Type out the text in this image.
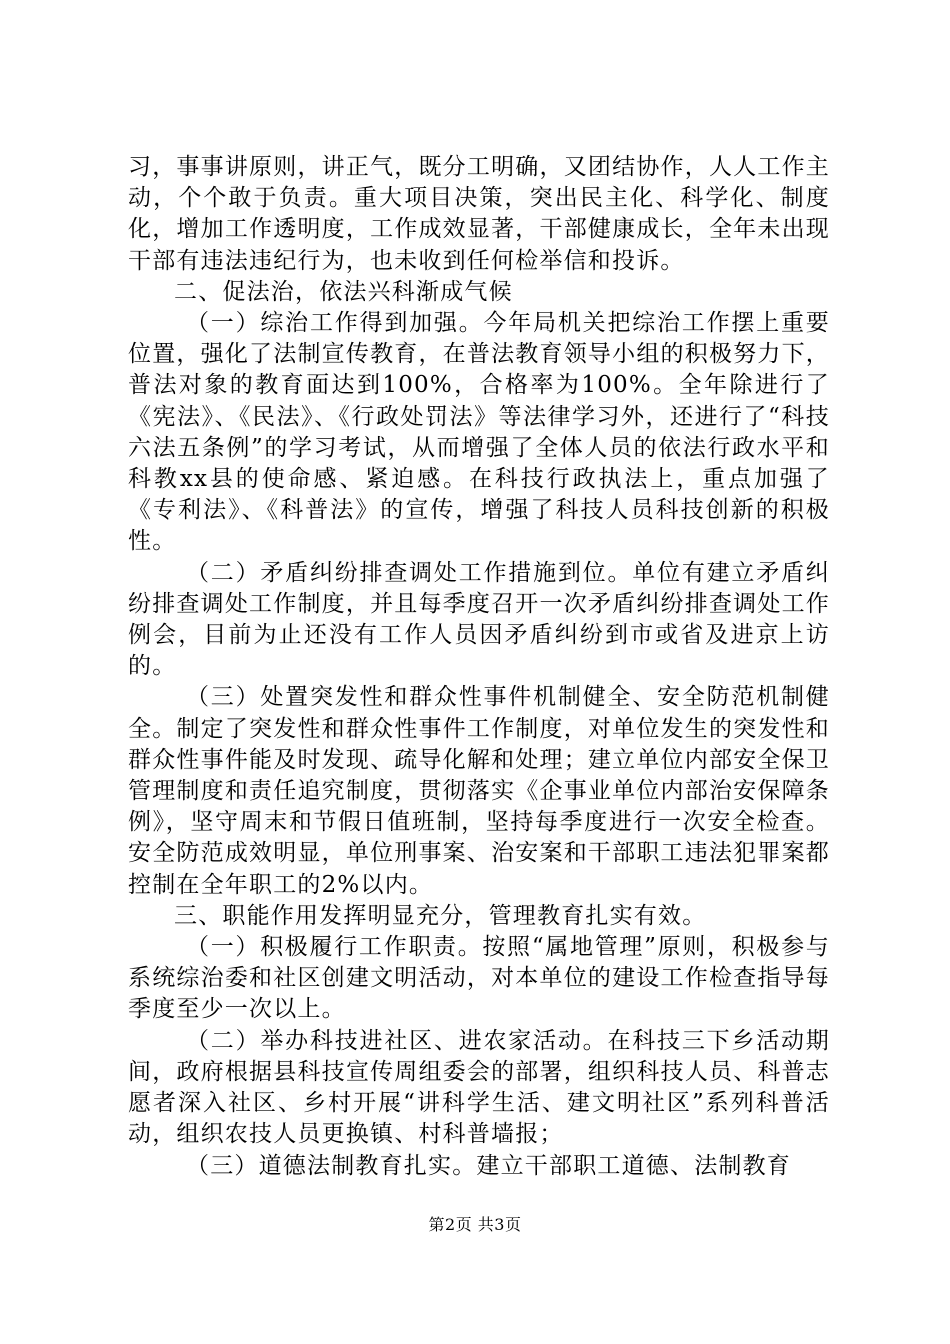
习，事事讲原则，讲正气，既分工明确，又团结协作，人人工作主动，个个敢于负责。重大项目决策，突出民主化、科学化、制度化，增加工作透明度，工作成效显著，干部健康成长，全年未出现干部有违法违纪行为，也未收到任何检举信和投诉。

二、促法治，依法兴科渐成气候

（一）综治工作得到加强。今年局机关把综治工作摆上重要位置，强化了法制宣传教育，在普法教育领导小组的积极努力下，普法对象的教育面达到100%，合格率为100%。全年除进行了《宪法》、《民法》、《行政处罚法》等法律学习外，还进行了“科技六法五条例”的学习考试，从而增强了全体人员的依法行政水平和科教xx县的使命感、紧迫感。在科技行政执法上，重点加强了《专利法》、《科普法》的宣传，增强了科技人员科技创新的积极性。

（二）矛盾纠纷排查调处工作措施到位。单位有建立矛盾纠纷排查调处工作制度，并且每季度召开一次矛盾纠纷排查调处工作例会，目前为止还没有工作人员因矛盾纠纷到市或省及进京上访的。

（三）处置突发性和群众性事件机制健全、安全防范机制健全。制定了突发性和群众性事件工作制度，对单位发生的突发性和群众性事件能及时发现、疏导化解和处理；建立单位内部安全保卫管理制度和责任追究制度，贯彻落实《企事业单位内部治安保障条例》，坚守周末和节假日值班制，坚持每季度进行一次安全检查。安全防范成效明显，单位刑事案、治安案和干部职工违法犯罪案都控制在全年职工的2%以内。

三、职能作用发挥明显充分，管理教育扎实有效。

（一）积极履行工作职责。按照“属地管理”原则，积极参与系统综治委和社区创建文明活动，对本单位的建设工作检查指导每季度至少一次以上。

（二）举办科技进社区、进农家活动。在科技三下乡活动期间，政府根据县科技宣传周组委会的部署，组织科技人员、科普志愿者深入社区、乡村开展“讲科学生活、建文明社区”系列科普活动，组织农技人员更换镇、村科普墙报；

（三）道德法制教育扎实。建立干部职工道德、法制教育

第2页 共3页
